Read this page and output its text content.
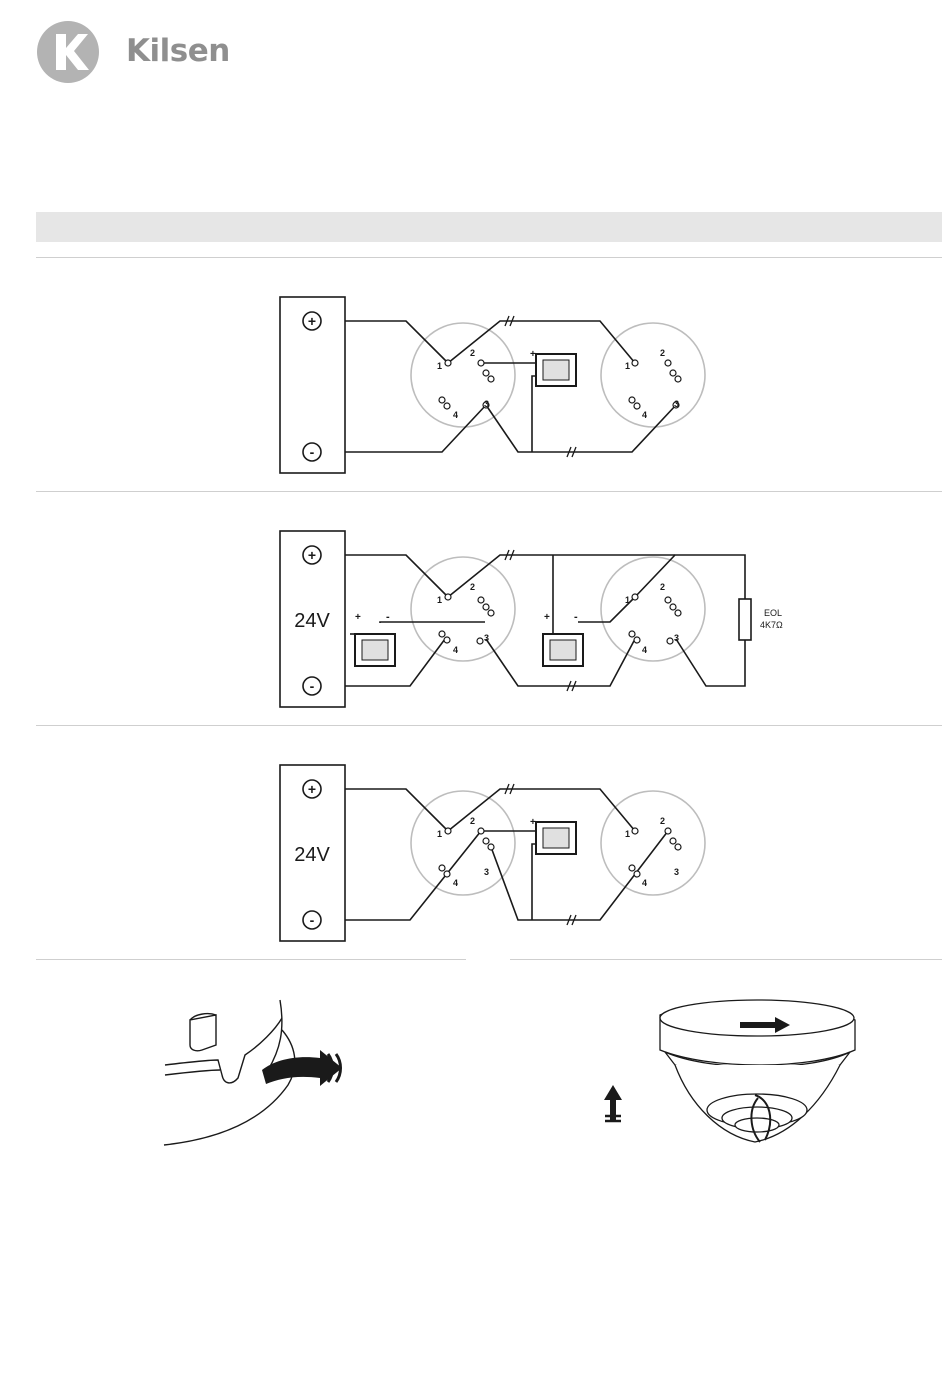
Kilsen
1
2
3
4
1
2
3
4
+
+
-
1
2
3
4
1
2
3
4
+ -	+ -
24V	EOL
4K7Ω
+
-
1
2
3
4
1
2
3
4
+
24V
+
-
